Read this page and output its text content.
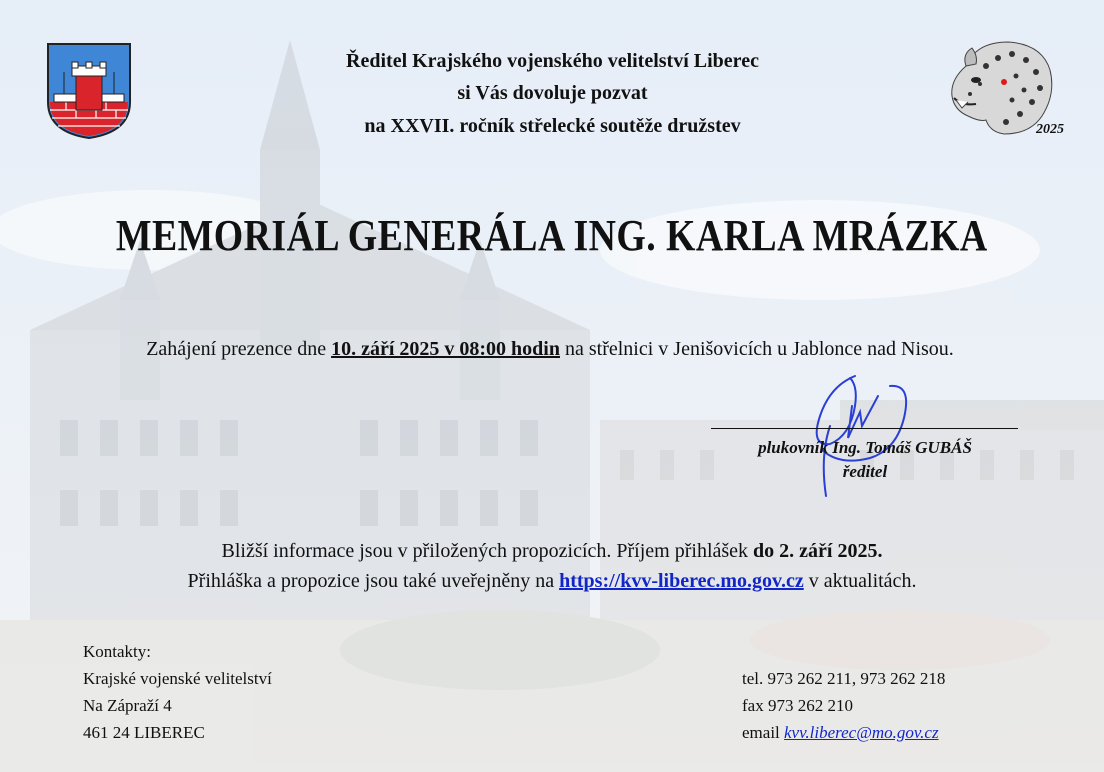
2025
Ředitel Krajského vojenského velitelství Liberec
si Vás dovoluje pozvat
na XXVII. ročník střelecké soutěže družstev
MEMORIÁL GENERÁLA ING. KARLA MRÁZKA
Zahájení prezence dne 10. září 2025 v 08:00 hodin na střelnici v Jenišovicích u Jablonce nad Nisou.
plukovník Ing. Tomáš GUBÁŠ
ředitel
Bližší informace jsou v přiložených propozicích. Příjem přihlášek do 2. září 2025.
Přihláška a propozice jsou také uveřejněny na https://kvv-liberec.mo.gov.cz v aktualitách.
Kontakty:
Krajské vojenské velitelství
Na Zápraží 4
461 24 LIBEREC
tel. 973 262 211, 973 262 218
fax 973 262 210
email kvv.liberec@mo.gov.cz
